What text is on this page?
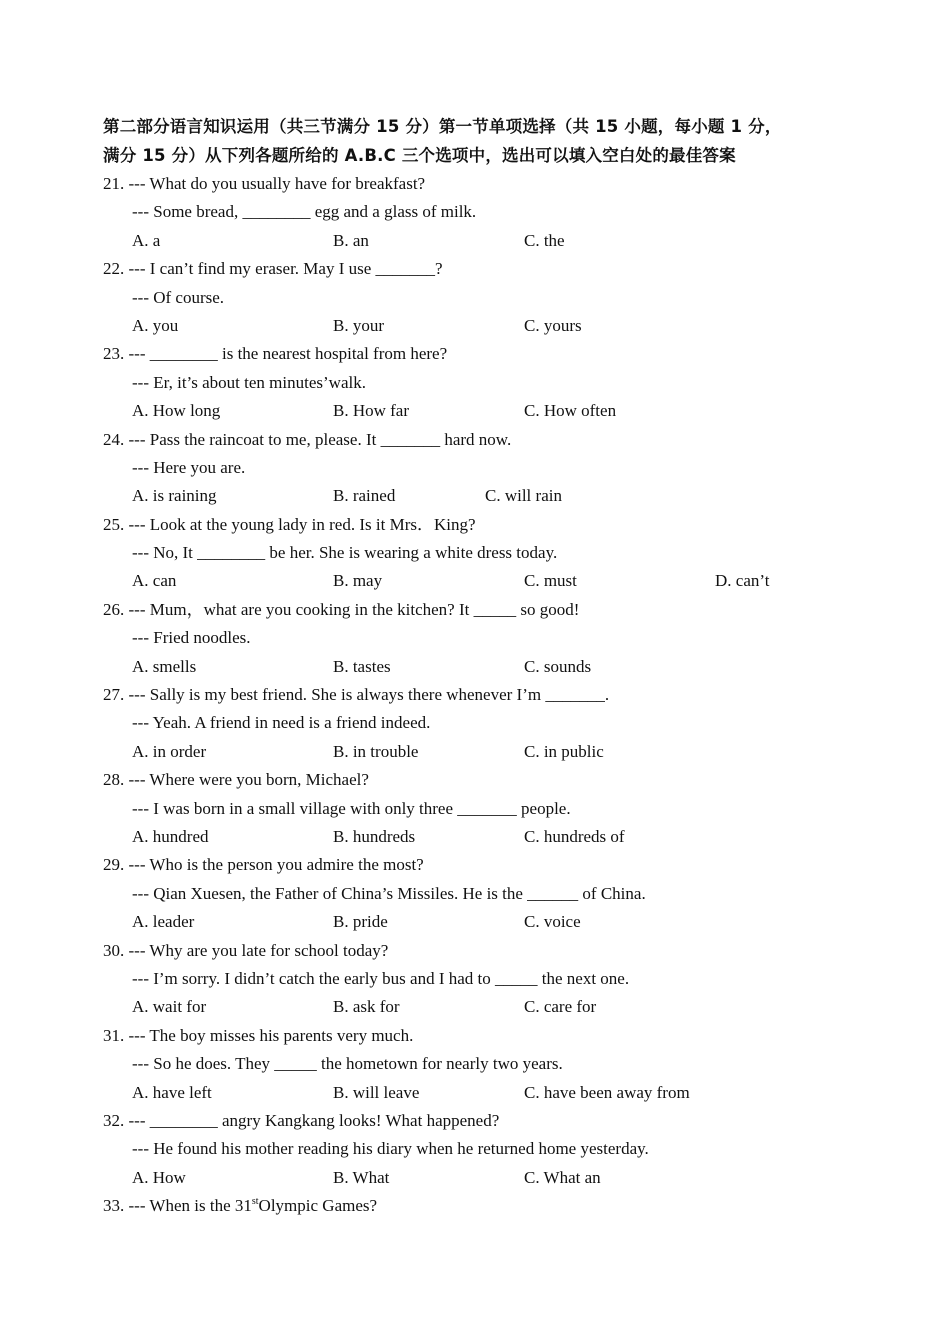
第二部分语言知识运用（共三节满分 15 分）第一节单项选择（共 15 小题，每小题 1 分，
满分 15 分）从下列各题所给的 A.B.C 三个选项中，选出可以填入空白处的最佳答案

21. --- What do you usually have for breakfast?
--- Some bread, ________ egg and a glass of milk.
A. a	B. an	C. the
22. --- I can’t find my eraser. May I use _______?
--- Of course.
A. you	B. your	C. yours
23. --- ________ is the nearest hospital from here?
--- Er, it’s about ten minutes’walk.
A. How long	B. How far	C. How often
24. --- Pass the raincoat to me, please. It _______ hard now.
--- Here you are.
A. is raining	B. rained	C. will rain
25. --- Look at the young lady in red. Is it Mrs．King?
--- No, It ________ be her. She is wearing a white dress today.
A. can	B. may	C. must	D. can’t
26. --- Mum，what are you cooking in the kitchen? It _____ so good!
--- Fried noodles.
A. smells	B. tastes	C. sounds
27. --- Sally is my best friend. She is always there whenever I’m _______.
--- Yeah. A friend in need is a friend indeed.
A. in order	B. in trouble	C. in public
28. --- Where were you born, Michael?
--- I was born in a small village with only three _______ people.
A. hundred	B. hundreds	C. hundreds of
29. --- Who is the person you admire the most?
--- Qian Xuesen, the Father of China’s Missiles. He is the ______ of China.
A. leader	B. pride	C. voice
30. --- Why are you late for school today?
--- I’m sorry. I didn’t catch the early bus and I had to _____ the next one.
A. wait for	B. ask for	C. care for
31. --- The boy misses his parents very much.
--- So he does. They _____ the hometown for nearly two years.
A. have left	B. will leave	C. have been away from
32. --- ________ angry Kangkang looks! What happened?
--- He found his mother reading his diary when he returned home yesterday.
A. How	B. What	C. What an
33. --- When is the 31stOlympic Games?
